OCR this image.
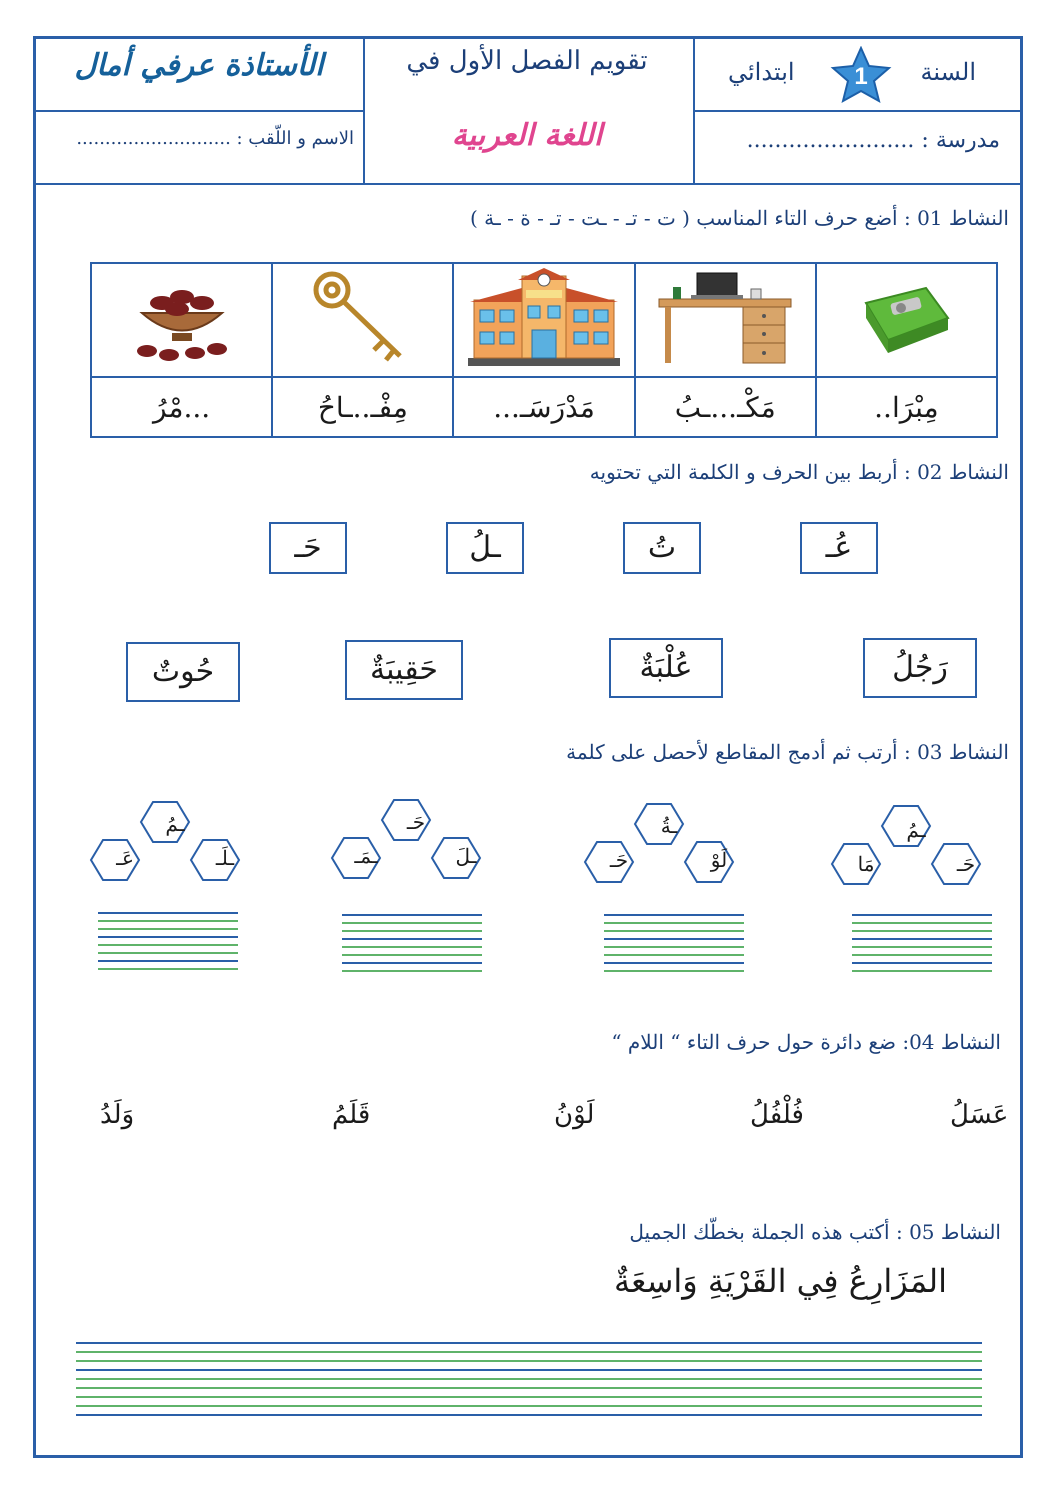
الأستاذة عرفي أمال	تقويم الفصل الأول في
اللغة العربية
السنة
1
ابتدائي
مدرسة : ........................
الاسم و اللّقب : ...........................
النشاط 01 : أضع حرف التاء المناسب ( ت - تـ - ـت - تـ - ة - ـة )

مِبْرَا..	مَكْـ...ـبُ	مَدْرَسَـ...	مِفْـ..ـاحُ	...مْرُ
النشاط 02 : أربط بين الحرف و الكلمة التي تحتويه
عُـ
تُ
ـلُ
حَـ
رَجُلُ
عُلْبَةٌ
حَقِيبَةٌ
حُوتٌ
النشاط 03 : أرتب ثم أدمج المقاطع لأحصل على كلمة
ـمُ
مَا	حَـ
ـةُ
حَـ	لَوْ
حَـ
ـمَـ	ـلَ
ـمُ
عَـ	ـلَـ
النشاط 04: ضع دائرة حول حرف التاء “ اللام “
عَسَلُ
فُلْفُلُ
لَوْنُ
قَلَمُ
وَلَدُ
النشاط 05 : أكتب هذه الجملة بخطّك الجميل
المَزَارِعُ فِي القَرْيَةِ وَاسِعَةٌ
